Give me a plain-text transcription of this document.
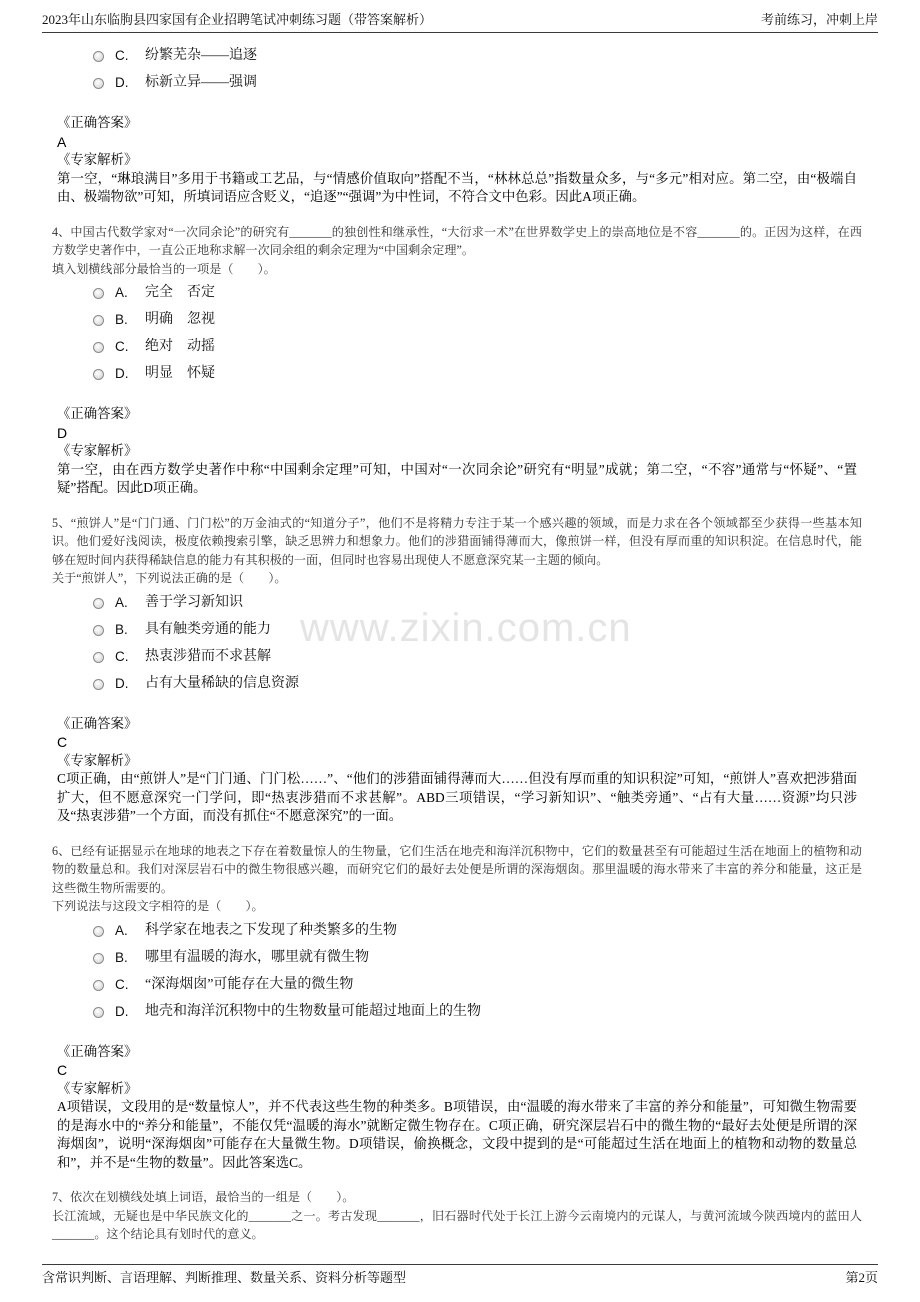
2023年山东临朐县四家国有企业招聘笔试冲刺练习题（带答案解析）	考前练习，冲刺上岸
www.zixin.com.cn
C. 纷繁芜杂——追逐
D. 标新立异——强调
《正确答案》
A
《专家解析》
第一空，“琳琅满目”多用于书籍或工艺品，与“情感价值取向”搭配不当，“林林总总”指数量众多，与“多元”相对应。第二空，由“极端自由、极端物欲”可知，所填词语应含贬义，“追逐”“强调”为中性词，不符合文中色彩。因此A项正确。
4、中国古代数学家对“一次同余论”的研究有_______的独创性和继承性，“大衍求一术”在世界数学史上的崇高地位是不容_______的。正因为这样，在西方数学史著作中，一直公正地称求解一次同余组的剩余定理为“中国剩余定理”。
填入划横线部分最恰当的一项是（　　）。
A. 完全　否定
B. 明确　忽视
C. 绝对　动摇
D. 明显　怀疑
《正确答案》
D
《专家解析》
第一空，由在西方数学史著作中称“中国剩余定理”可知，中国对“一次同余论”研究有“明显”成就；第二空，“不容”通常与“怀疑”、“置疑”搭配。因此D项正确。
5、“煎饼人”是“门门通、门门松”的万金油式的“知道分子”，他们不是将精力专注于某一个感兴趣的领域，而是力求在各个领域都至少获得一些基本知识。他们爱好浅阅读，极度依赖搜索引擎，缺乏思辨力和想象力。他们的涉猎面铺得薄而大，像煎饼一样，但没有厚而重的知识积淀。在信息时代，能够在短时间内获得稀缺信息的能力有其积极的一面，但同时也容易出现使人不愿意深究某一主题的倾向。
关于“煎饼人”，下列说法正确的是（　　）。
A. 善于学习新知识
B. 具有触类旁通的能力
C. 热衷涉猎而不求甚解
D. 占有大量稀缺的信息资源
《正确答案》
C
《专家解析》
C项正确，由“煎饼人”是“门门通、门门松……”、“他们的涉猎面铺得薄而大……但没有厚而重的知识积淀”可知，“煎饼人”喜欢把涉猎面扩大，但不愿意深究一门学问，即“热衷涉猎而不求甚解”。ABD三项错误，“学习新知识”、“触类旁通”、“占有大量……资源”均只涉及“热衷涉猎”一个方面，而没有抓住“不愿意深究”的一面。
6、已经有证据显示在地球的地表之下存在着数量惊人的生物量，它们生活在地壳和海洋沉积物中，它们的数量甚至有可能超过生活在地面上的植物和动物的数量总和。我们对深层岩石中的微生物很感兴趣，而研究它们的最好去处便是所谓的深海烟囱。那里温暖的海水带来了丰富的养分和能量，这正是这些微生物所需要的。
下列说法与这段文字相符的是（　　）。
A. 科学家在地表之下发现了种类繁多的生物
B. 哪里有温暖的海水，哪里就有微生物
C. “深海烟囱”可能存在大量的微生物
D. 地壳和海洋沉积物中的生物数量可能超过地面上的生物
《正确答案》
C
《专家解析》
A项错误，文段用的是“数量惊人”，并不代表这些生物的种类多。B项错误，由“温暖的海水带来了丰富的养分和能量”，可知微生物需要的是海水中的“养分和能量”，不能仅凭“温暖的海水”就断定微生物存在。C项正确，研究深层岩石中的微生物的“最好去处便是所谓的深海烟囱”，说明“深海烟囱”可能存在大量微生物。D项错误，偷换概念，文段中提到的是“可能超过生活在地面上的植物和动物的数量总和”，并不是“生物的数量”。因此答案选C。
7、依次在划横线处填上词语，最恰当的一组是（　　）。
长江流域，无疑也是中华民族文化的_______之一。考古发现_______，旧石器时代处于长江上游今云南境内的元谋人，与黄河流域今陕西境内的蓝田人_______。这个结论具有划时代的意义。
含常识判断、言语理解、判断推理、数量关系、资料分析等题型	第2页
